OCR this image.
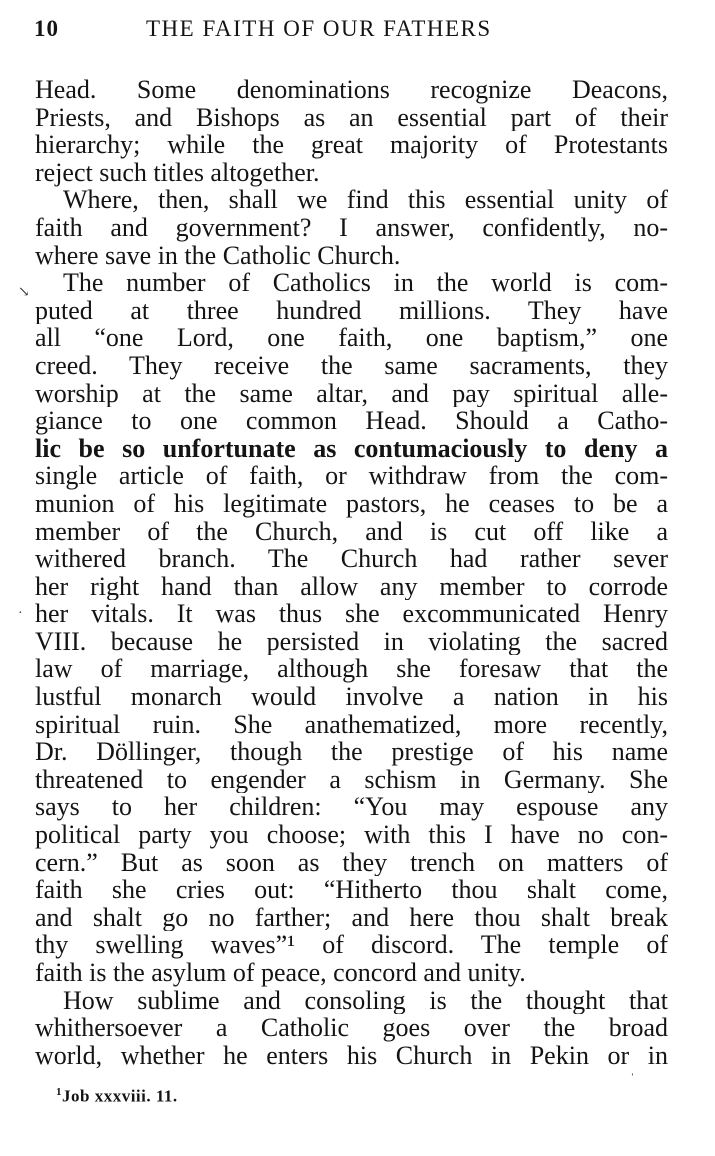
10	THE FAITH OF OUR FATHERS
Head. Some denominations recognize Deacons,
Priests, and Bishops as an essential part of their
hierarchy; while the great majority of Protestants
reject such titles altogether.
Where, then, shall we find this essential unity of
faith and government? I answer, confidently, no-
where save in the Catholic Church.
The number of Catholics in the world is com-
puted at three hundred millions. They have
all “one Lord, one faith, one baptism,” one
creed. They receive the same sacraments, they
worship at the same altar, and pay spiritual alle-
giance to one common Head. Should a Catho-
lic be so unfortunate as contumaciously to deny a
single article of faith, or withdraw from the com-
munion of his legitimate pastors, he ceases to be a
member of the Church, and is cut off like a
withered branch. The Church had rather sever
her right hand than allow any member to corrode
her vitals. It was thus she excommunicated Henry
VIII. because he persisted in violating the sacred
law of marriage, although she foresaw that the
lustful monarch would involve a nation in his
spiritual ruin. She anathematized, more recently,
Dr. Döllinger, though the prestige of his name
threatened to engender a schism in Germany. She
says to her children: “You may espouse any
political party you choose; with this I have no con-
cern.” But as soon as they trench on matters of
faith she cries out: “Hitherto thou shalt come,
and shalt go no farther; and here thou shalt break
thy swelling waves”¹ of discord. The temple of
faith is the asylum of peace, concord and unity.
How sublime and consoling is the thought that
whithersoever a Catholic goes over the broad
world, whether he enters his Church in Pekin or in
$^1$Job xxxviii. 11.
↘
·
ˈ
